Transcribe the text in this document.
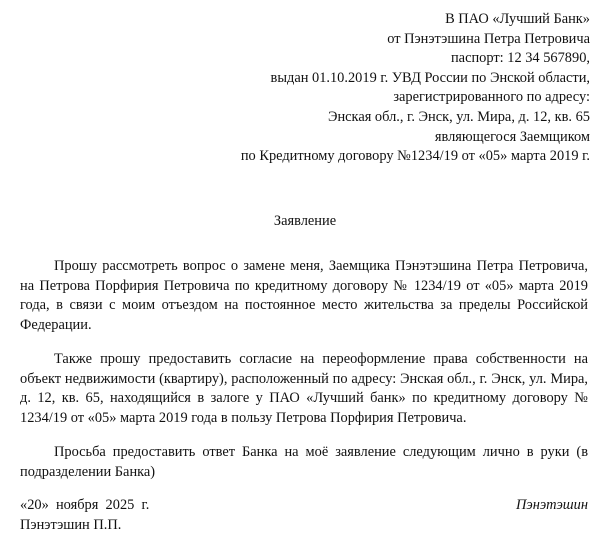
В ПАО «Лучший Банк»
от Пэнэтэшина Петра Петровича
паспорт: 12 34 567890,
выдан 01.10.2019 г. УВД России по Энской области,
зарегистрированного по адресу:
Энская обл., г. Энск, ул. Мира, д. 12, кв. 65
являющегося Заемщиком
по Кредитному договору №1234/19 от «05» марта 2019 г.
Заявление

Прошу рассмотреть вопрос о замене меня, Заемщика Пэнэтэшина Петра Петровича, на Петрова Порфирия Петровича по кредитному договору № 1234/19 от «05» марта 2019 года, в связи с моим отъездом на постоянное место жительства за пределы Российской Федерации.

Также прошу предоставить согласие на переоформление права собственности на объект недвижимости (квартиру), расположенный по адресу: Энская обл., г. Энск, ул. Мира, д. 12, кв. 65, находящийся в залоге у ПАО «Лучший банк» по кредитному договору № 1234/19 от «05» марта 2019 года в пользу Петрова Порфирия Петровича.

Просьба предоставить ответ Банка на моё заявление следующим лично в руки (в подразделении Банка)

«20»  ноября  2025  г.	Пэнэтэшин
Пэнэтэшин П.П.
